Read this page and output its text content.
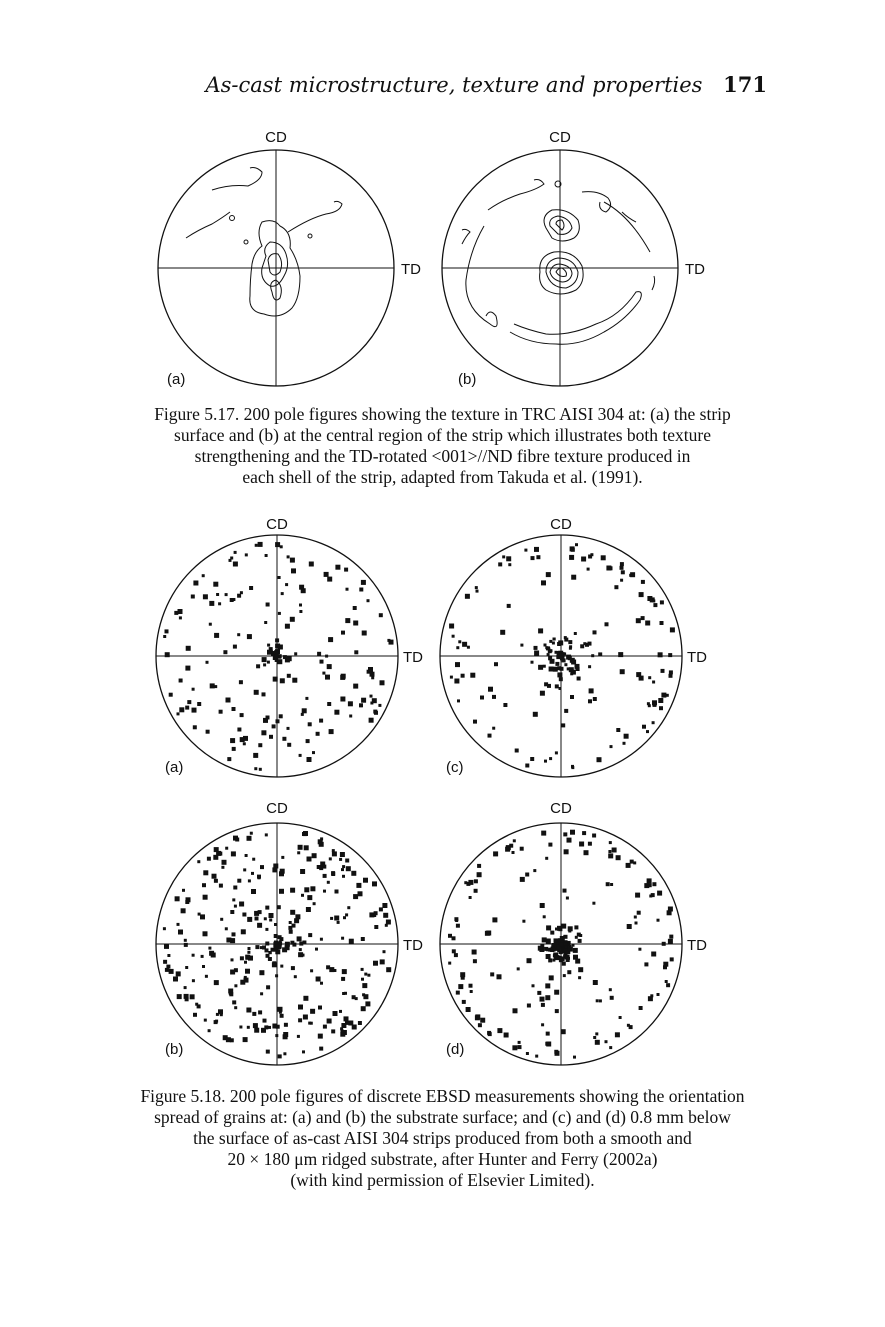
As-cast microstructure, texture and properties 171
CD
TD
(a)
CD
TD
(b)
Figure 5.17. 200 pole figures showing the texture in TRC AISI 304 at: (a) the strip
surface and (b) at the central region of the strip which illustrates both texture
strengthening and the TD-rotated <001>//ND fibre texture produced in
each shell of the strip, adapted from Takuda et al. (1991).
CD
TD
(a)
CD
TD
(c)
CD
TD
(b)
CD
TD
(d)
Figure 5.18. 200 pole figures of discrete EBSD measurements showing the orientation
spread of grains at: (a) and (b) the substrate surface; and (c) and (d) 0.8 mm below
the surface of as-cast AISI 304 strips produced from both a smooth and
20 × 180 μm ridged substrate, after Hunter and Ferry (2002a)
(with kind permission of Elsevier Limited).
